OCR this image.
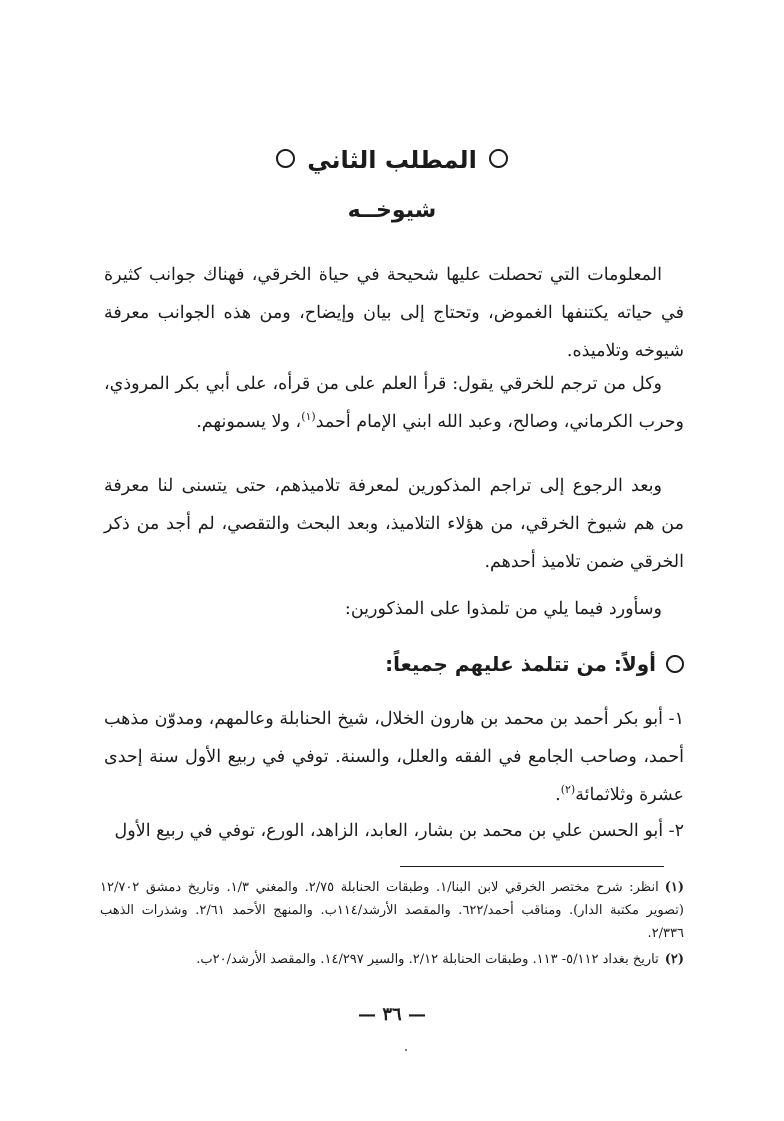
المطلب الثاني
شيوخــه

المعلومات التي تحصلت عليها شحيحة في حياة الخرقي، فهناك جوانب كثيرة في حياته يكتنفها الغموض، وتحتاج إلى بيان وإيضاح، ومن هذه الجوانب معرفة شيوخه وتلاميذه.

وكل من ترجم للخرقي يقول: قرأ العلم على من قرأه، على أبي بكر المروذي، وحرب الكرماني، وصالح، وعبد الله ابني الإمام أحمد$^{(١)}$، ولا يسمونهم.

وبعد الرجوع إلى تراجم المذكورين لمعرفة تلاميذهم، حتى يتسنى لنا معرفة من هم شيوخ الخرقي، من هؤلاء التلاميذ، وبعد البحث والتقصي، لم أجد من ذكر الخرقي ضمن تلاميذ أحدهم.

وسأورد فيما يلي من تلمذوا على المذكورين:

أولاً: من تتلمذ عليهم جميعاً:

١- أبو بكر أحمد بن محمد بن هارون الخلال، شيخ الحنابلة وعالمهم، ومدوّن مذهب أحمد، وصاحب الجامع في الفقه والعلل، والسنة. توفي في ربيع الأول سنة إحدى عشرة وثلاثمائة$^{(٢)}$.

٢- أبو الحسن علي بن محمد بن بشار، العابد، الزاهد، الورع، توفي في ربيع الأول

(١)انظر: شرح مختصر الخرقي لابن البنا/١. وطبقات الحنابلة ٢/٧٥. والمغني ١/٣. وتاريخ دمشق ١٢/٧٠٢ (تصوير مكتبة الدار). ومناقب أحمد/٦٢٢. والمقصد الأرشد/١١٤ب. والمنهج الأحمد ٢/٦١. وشذرات الذهب ٢/٣٣٦.

(٢)تاريخ بغداد ٥/١١٢- ١١٣. وطبقات الحنابلة ٢/١٢. والسير ١٤/٢٩٧. والمقصد الأرشد/٢٠ب.

— ٣٦ —
